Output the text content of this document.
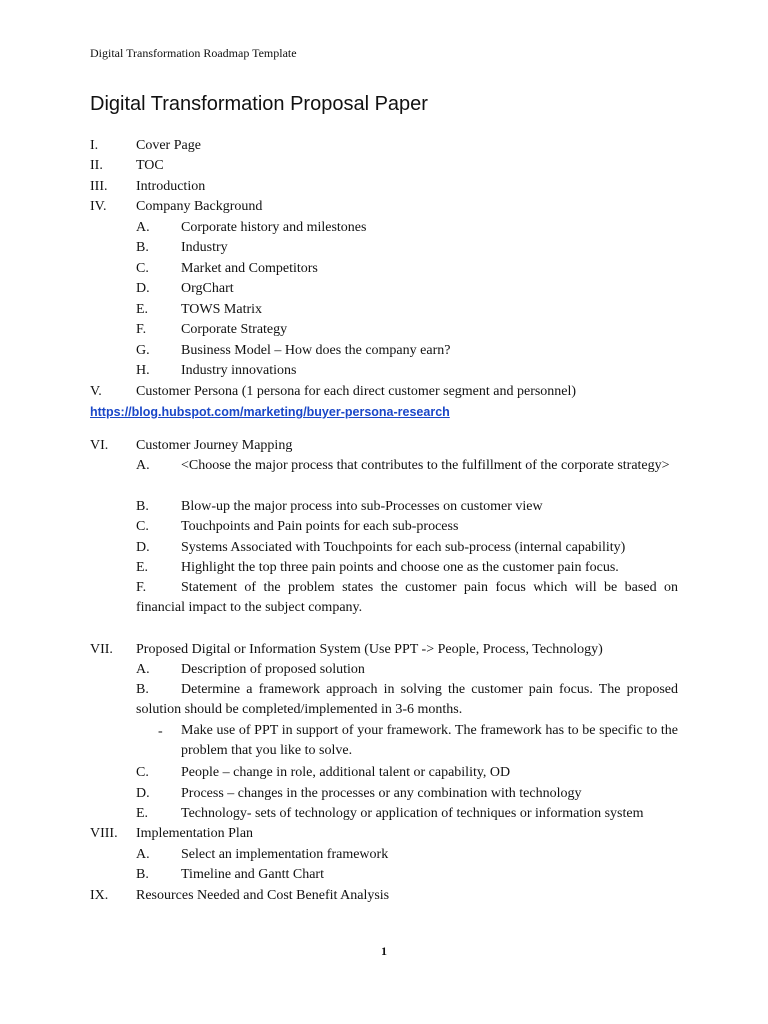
Digital Transformation Roadmap Template
Digital Transformation Proposal Paper
I.	Cover Page
II. TOC
III. Introduction
IV. Company Background
A. Corporate history and milestones
B. Industry
C. Market and Competitors
D. OrgChart
E. TOWS Matrix
F. Corporate Strategy
G. Business Model – How does the company earn?
H. Industry innovations
V. Customer Persona (1 persona for each direct customer segment and personnel)
https://blog.hubspot.com/marketing/buyer-persona-research
VI. Customer Journey Mapping
A. <Choose the major process that contributes to the fulfillment of the corporate strategy>
B. Blow-up the major process into sub-Processes on customer view
C. Touchpoints and Pain points for each sub-process
D. Systems Associated with Touchpoints for each sub-process (internal capability)
E. Highlight the top three pain points and choose one as the customer pain focus.
F. Statement of the problem states the customer pain focus which will be based on financial impact to the subject company.
VII. Proposed Digital or Information System (Use PPT -> People, Process, Technology)
A. Description of proposed solution
B. Determine a framework approach in solving the customer pain focus. The proposed solution should be completed/implemented in 3-6 months.
- Make use of PPT in support of your framework. The framework has to be specific to the problem that you like to solve.
C. People – change in role, additional talent or capability, OD
D. Process – changes in the processes or any combination with technology
E. Technology- sets of technology or application of techniques or information system
VIII. Implementation Plan
A. Select an implementation framework
B. Timeline and Gantt Chart
IX. Resources Needed and Cost Benefit Analysis
1
